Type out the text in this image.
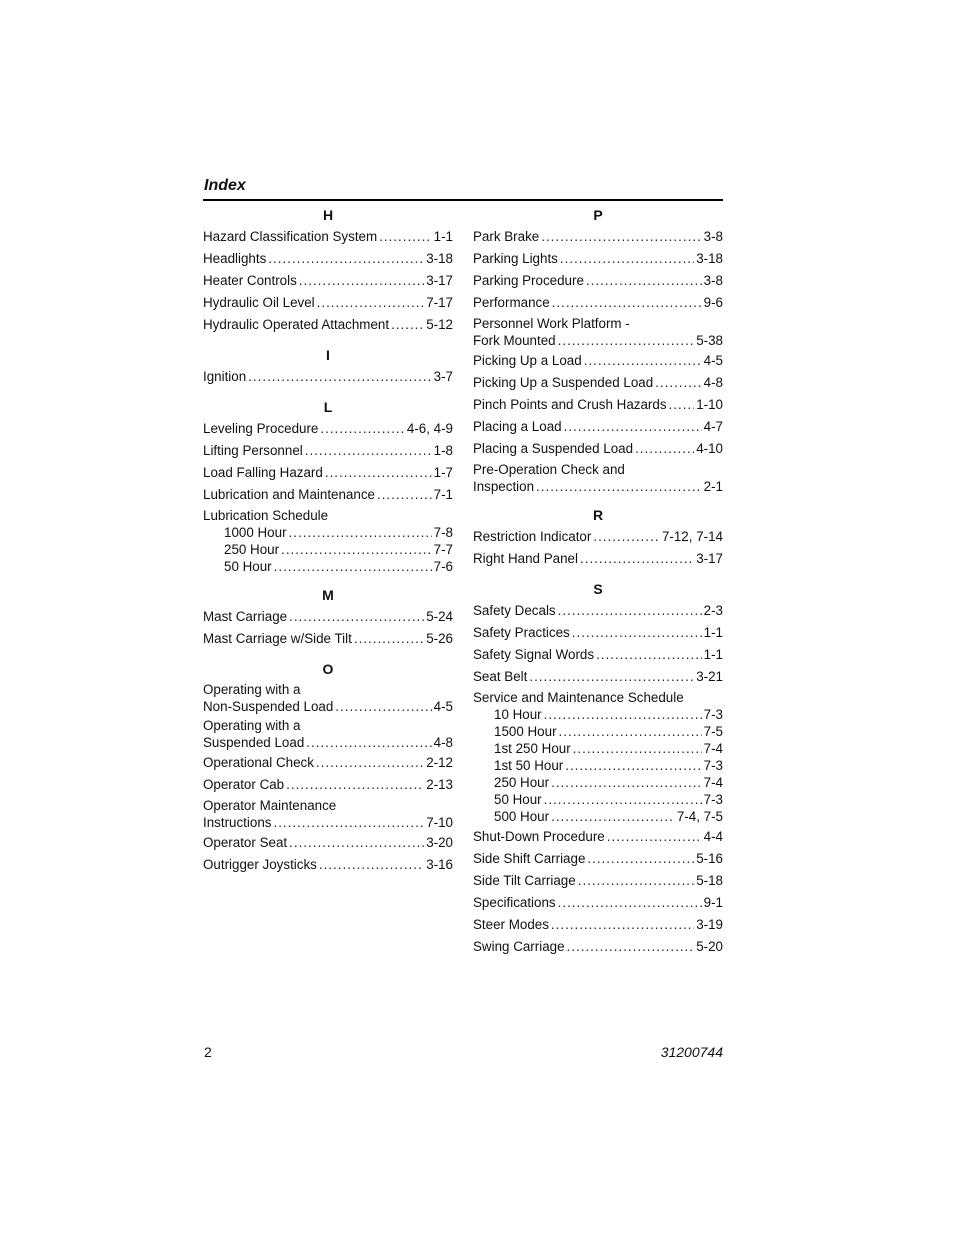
Index
H
Hazard Classification System .....	1-1
Headlights .....	3-18
Heater Controls .....	3-17
Hydraulic Oil Level .....	7-17
Hydraulic Operated Attachment .....	5-12
I
Ignition .....	3-7
L
Leveling Procedure .....	4-6, 4-9
Lifting Personnel .....	1-8
Load Falling Hazard .....	1-7
Lubrication and Maintenance .....	7-1
Lubrication Schedule
1000 Hour .....	7-8
250 Hour .....	7-7
50 Hour .....	7-6
M
Mast Carriage .....	5-24
Mast Carriage w/Side Tilt .....	5-26
O
Operating with a
Non-Suspended Load .....	4-5
Operating with a
Suspended Load .....	4-8
Operational Check .....	2-12
Operator Cab .....	2-13
Operator Maintenance
Instructions .....	7-10
Operator Seat .....	3-20
Outrigger Joysticks .....	3-16
P
Park Brake .....	3-8
Parking Lights .....	3-18
Parking Procedure .....	3-8
Performance .....	9-6
Personnel Work Platform -
Fork Mounted .....	5-38
Picking Up a Load .....	4-5
Picking Up a Suspended Load .....	4-8
Pinch Points and Crush Hazards ..... 1-10
Placing a Load .....	4-7
Placing a Suspended Load .....	4-10
Pre-Operation Check and
Inspection .....	2-1
R
Restriction Indicator .....	7-12, 7-14
Right Hand Panel .....	3-17
S
Safety Decals .....	2-3
Safety Practices .....	1-1
Safety Signal Words .....	1-1
Seat Belt .....	3-21
Service and Maintenance Schedule
10 Hour .....	7-3
1500 Hour .....	7-5
1st 250 Hour .....	7-4
1st 50 Hour .....	7-3
250 Hour .....	7-4
50 Hour .....	7-3
500 Hour .....	7-4, 7-5
Shut-Down Procedure .....	4-4
Side Shift Carriage .....	5-16
Side Tilt Carriage .....	5-18
Specifications .....	9-1
Steer Modes .....	3-19
Swing Carriage .....	5-20
2	31200744
